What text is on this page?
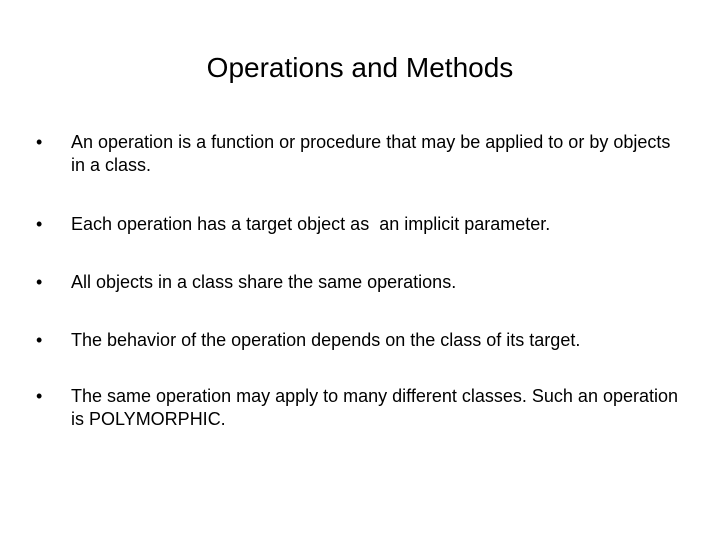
Operations and Methods
•	An operation is a function or procedure that may be applied to or by objects in a class.
•	Each operation has a target object as  an implicit parameter.
•	All objects in a class share the same operations.
•	The behavior of the operation depends on the class of its target.
•	The same operation may apply to many different classes. Such an operation is POLYMORPHIC.
